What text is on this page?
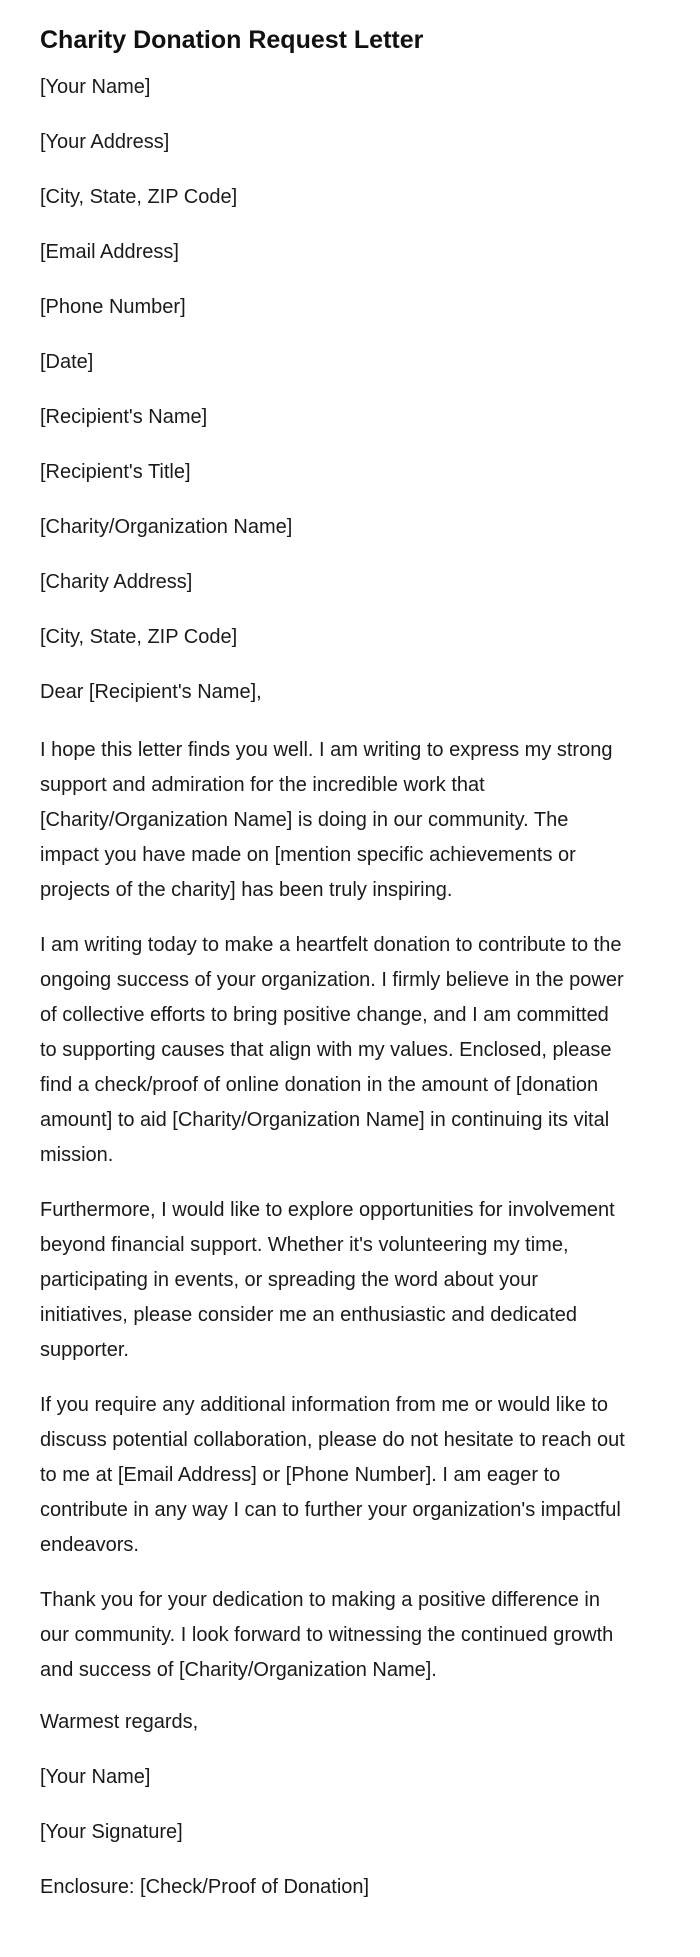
Charity Donation Request Letter
[Your Name]
[Your Address]
[City, State, ZIP Code]
[Email Address]
[Phone Number]
[Date]
[Recipient's Name]
[Recipient's Title]
[Charity/Organization Name]
[Charity Address]
[City, State, ZIP Code]
Dear [Recipient's Name],
I hope this letter finds you well. I am writing to express my strong support and admiration for the incredible work that [Charity/Organization Name] is doing in our community. The impact you have made on [mention specific achievements or projects of the charity] has been truly inspiring.
I am writing today to make a heartfelt donation to contribute to the ongoing success of your organization. I firmly believe in the power of collective efforts to bring positive change, and I am committed to supporting causes that align with my values. Enclosed, please find a check/proof of online donation in the amount of [donation amount] to aid [Charity/Organization Name] in continuing its vital mission.
Furthermore, I would like to explore opportunities for involvement beyond financial support. Whether it's volunteering my time, participating in events, or spreading the word about your initiatives, please consider me an enthusiastic and dedicated supporter.
If you require any additional information from me or would like to discuss potential collaboration, please do not hesitate to reach out to me at [Email Address] or [Phone Number]. I am eager to contribute in any way I can to further your organization's impactful endeavors.
Thank you for your dedication to making a positive difference in our community. I look forward to witnessing the continued growth and success of [Charity/Organization Name].
Warmest regards,
[Your Name]
[Your Signature]
Enclosure: [Check/Proof of Donation]
